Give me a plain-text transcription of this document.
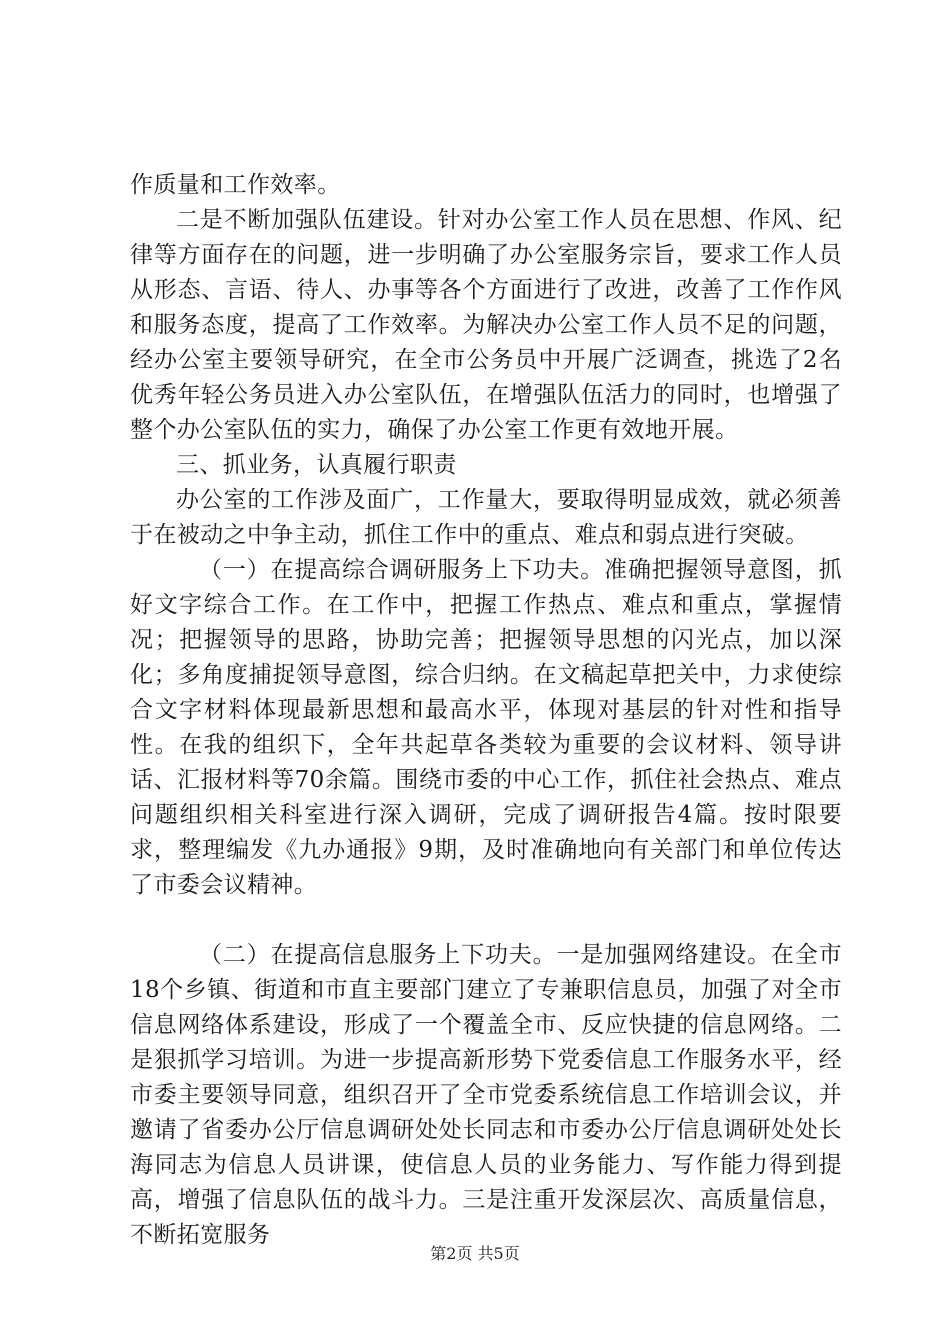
作质量和工作效率。

二是不断加强队伍建设。针对办公室工作人员在思想、作风、纪律等方面存在的问题，进一步明确了办公室服务宗旨，要求工作人员从形态、言语、待人、办事等各个方面进行了改进，改善了工作作风和服务态度，提高了工作效率。为解决办公室工作人员不足的问题，经办公室主要领导研究，在全市公务员中开展广泛调查，挑选了2名优秀年轻公务员进入办公室队伍，在增强队伍活力的同时，也增强了整个办公室队伍的实力，确保了办公室工作更有效地开展。

三、抓业务，认真履行职责

办公室的工作涉及面广，工作量大，要取得明显成效，就必须善于在被动之中争主动，抓住工作中的重点、难点和弱点进行突破。

（一）在提高综合调研服务上下功夫。准确把握领导意图，抓好文字综合工作。在工作中，把握工作热点、难点和重点，掌握情况；把握领导的思路，协助完善；把握领导思想的闪光点，加以深化；多角度捕捉领导意图，综合归纳。在文稿起草把关中，力求使综合文字材料体现最新思想和最高水平，体现对基层的针对性和指导性。在我的组织下，全年共起草各类较为重要的会议材料、领导讲话、汇报材料等70余篇。围绕市委的中心工作，抓住社会热点、难点问题组织相关科室进行深入调研，完成了调研报告4篇。按时限要求，整理编发《九办通报》9期，及时准确地向有关部门和单位传达了市委会议精神。

（二）在提高信息服务上下功夫。一是加强网络建设。在全市18个乡镇、街道和市直主要部门建立了专兼职信息员，加强了对全市信息网络体系建设，形成了一个覆盖全市、反应快捷的信息网络。二是狠抓学习培训。为进一步提高新形势下党委信息工作服务水平，经市委主要领导同意，组织召开了全市党委系统信息工作培训会议，并邀请了省委办公厅信息调研处处长同志和市委办公厅信息调研处处长海同志为信息人员讲课，使信息人员的业务能力、写作能力得到提高，增强了信息队伍的战斗力。三是注重开发深层次、高质量信息，不断拓宽服务

第2页 共5页
